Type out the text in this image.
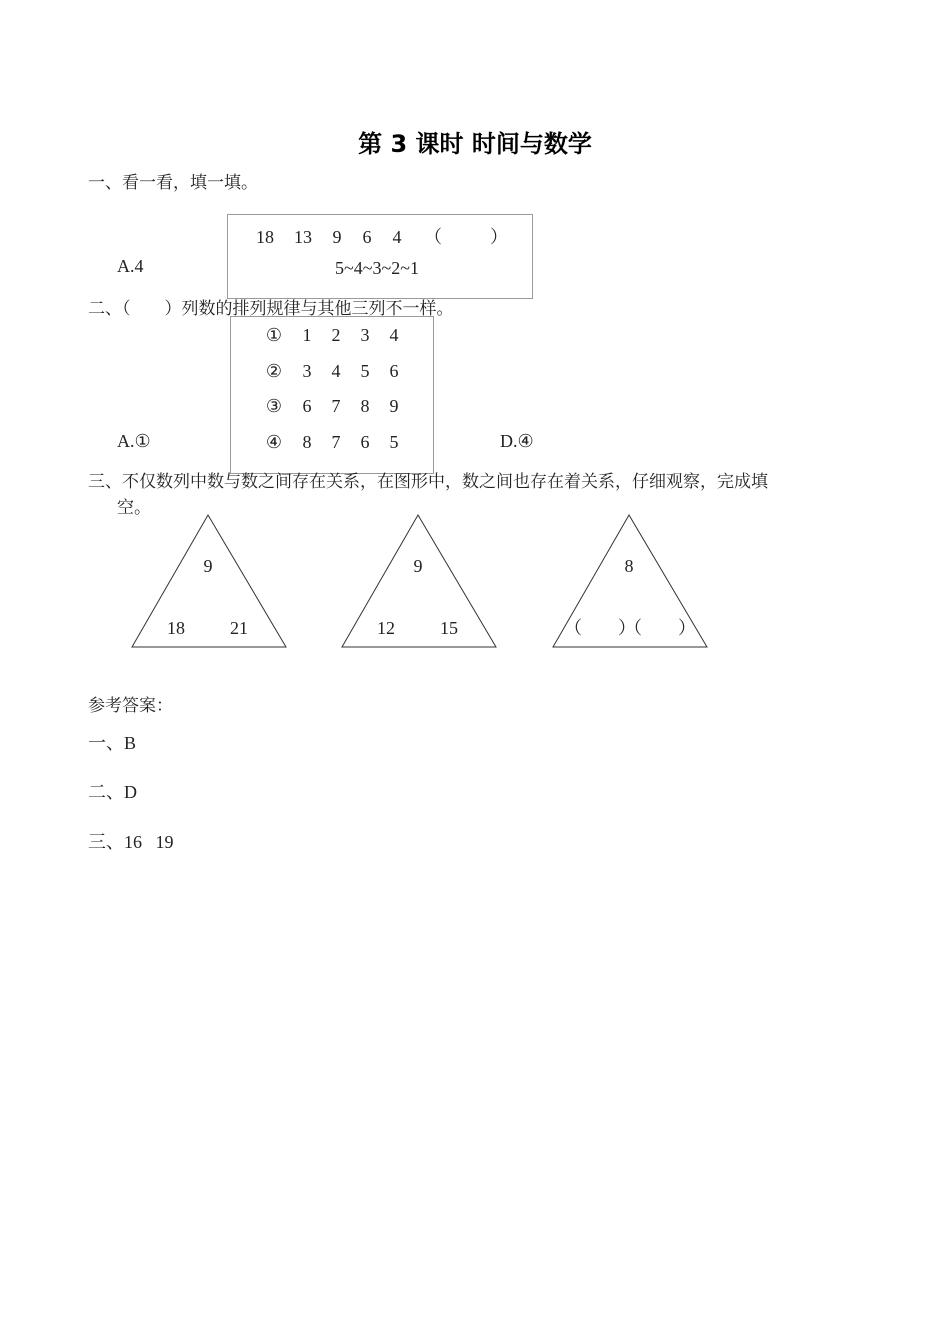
第 3 课时 时间与数学
一、看一看，填一填。
18 13 9 6 4 （	）
5~4~3~2~1
A.4
二、（　　）列数的排列规律与其他三列不一样。
①	1	2	3	4
②	3	4	5	6
③	6	7	8	9
④	8	7	6	5
A.①	D.④
三、不仅数列中数与数之间存在关系，在图形中，数之间也存在着关系，仔细观察，完成填
空。
9
18	21
9
12	15
8
（　　）
（　　）
参考答案：
一、B
二、D
三、16   19
